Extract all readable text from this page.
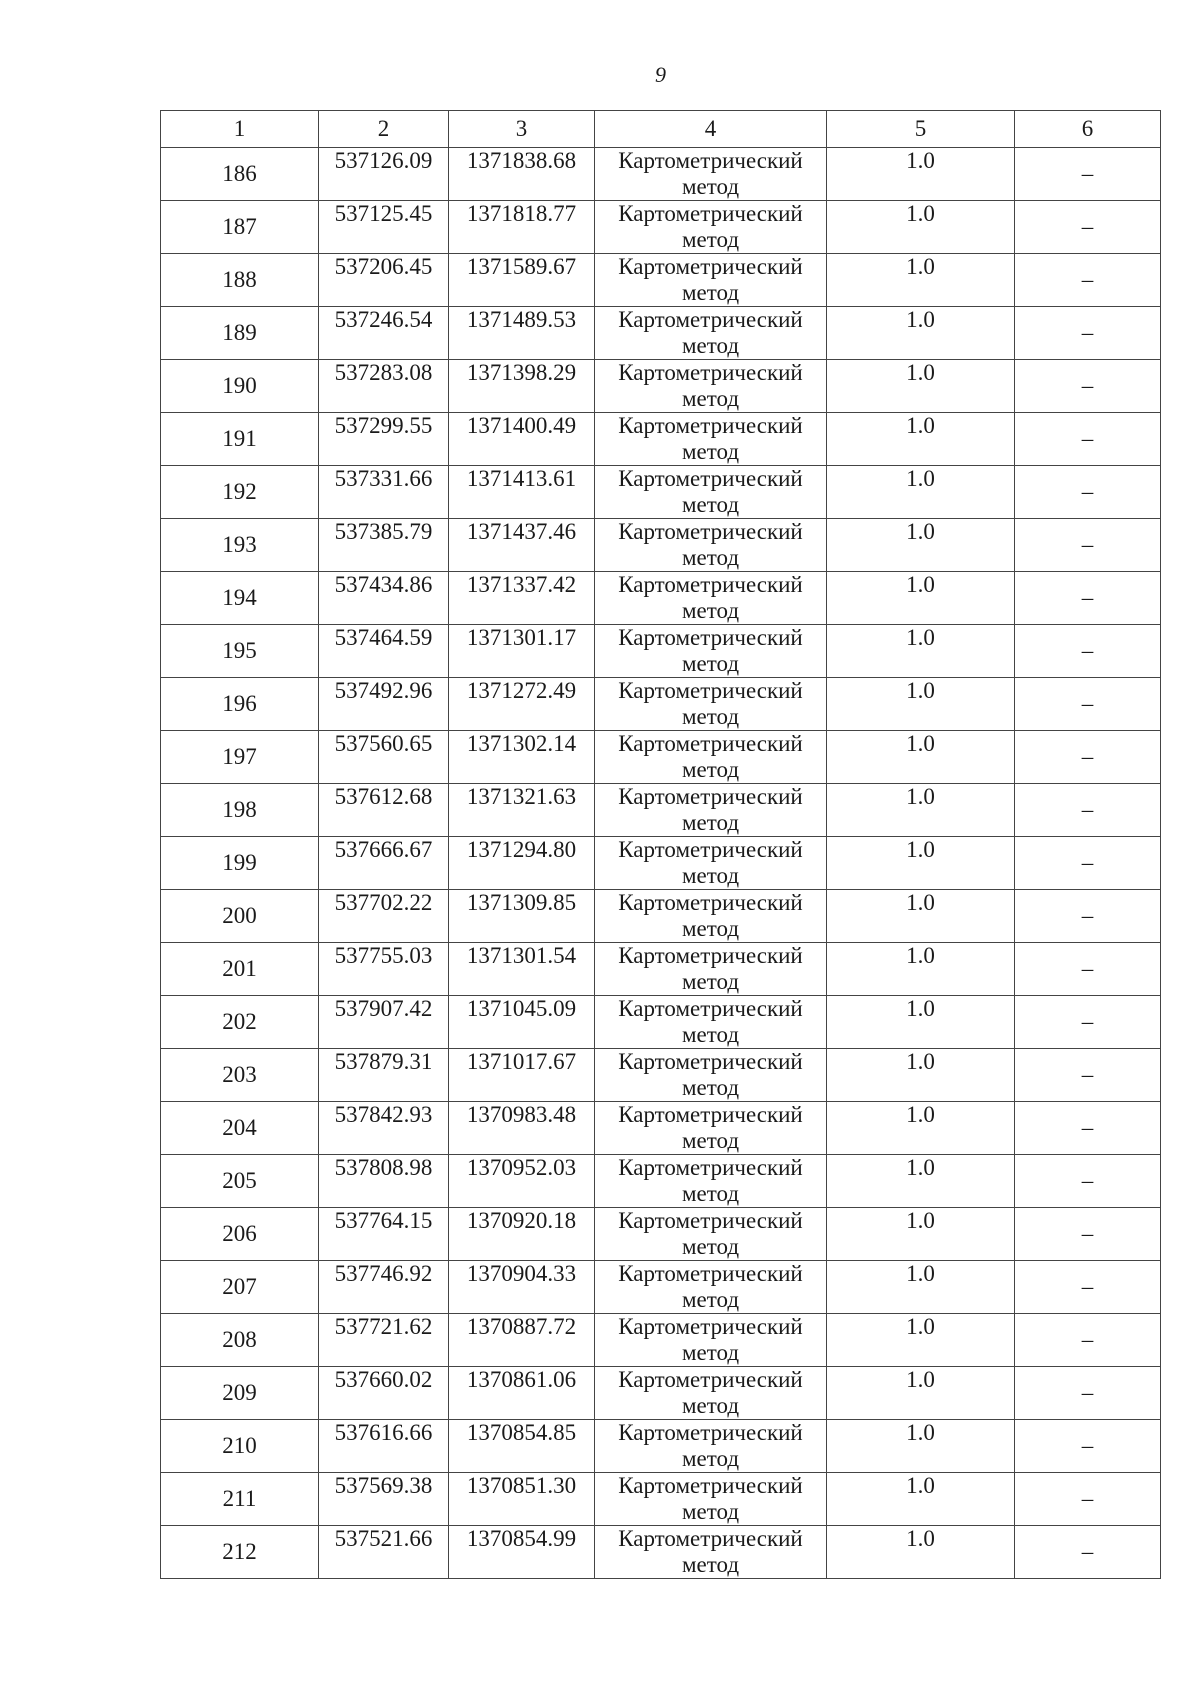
9
1	2	3	4	5	6
186	537126.09	1371838.68	Картометрический метод	1.0	–
187	537125.45	1371818.77	Картометрический метод	1.0	–
188	537206.45	1371589.67	Картометрический метод	1.0	–
189	537246.54	1371489.53	Картометрический метод	1.0	–
190	537283.08	1371398.29	Картометрический метод	1.0	–
191	537299.55	1371400.49	Картометрический метод	1.0	–
192	537331.66	1371413.61	Картометрический метод	1.0	–
193	537385.79	1371437.46	Картометрический метод	1.0	–
194	537434.86	1371337.42	Картометрический метод	1.0	–
195	537464.59	1371301.17	Картометрический метод	1.0	–
196	537492.96	1371272.49	Картометрический метод	1.0	–
197	537560.65	1371302.14	Картометрический метод	1.0	–
198	537612.68	1371321.63	Картометрический метод	1.0	–
199	537666.67	1371294.80	Картометрический метод	1.0	–
200	537702.22	1371309.85	Картометрический метод	1.0	–
201	537755.03	1371301.54	Картометрический метод	1.0	–
202	537907.42	1371045.09	Картометрический метод	1.0	–
203	537879.31	1371017.67	Картометрический метод	1.0	–
204	537842.93	1370983.48	Картометрический метод	1.0	–
205	537808.98	1370952.03	Картометрический метод	1.0	–
206	537764.15	1370920.18	Картометрический метод	1.0	–
207	537746.92	1370904.33	Картометрический метод	1.0	–
208	537721.62	1370887.72	Картометрический метод	1.0	–
209	537660.02	1370861.06	Картометрический метод	1.0	–
210	537616.66	1370854.85	Картометрический метод	1.0	–
211	537569.38	1370851.30	Картометрический метод	1.0	–
212	537521.66	1370854.99	Картометрический метод	1.0	–
